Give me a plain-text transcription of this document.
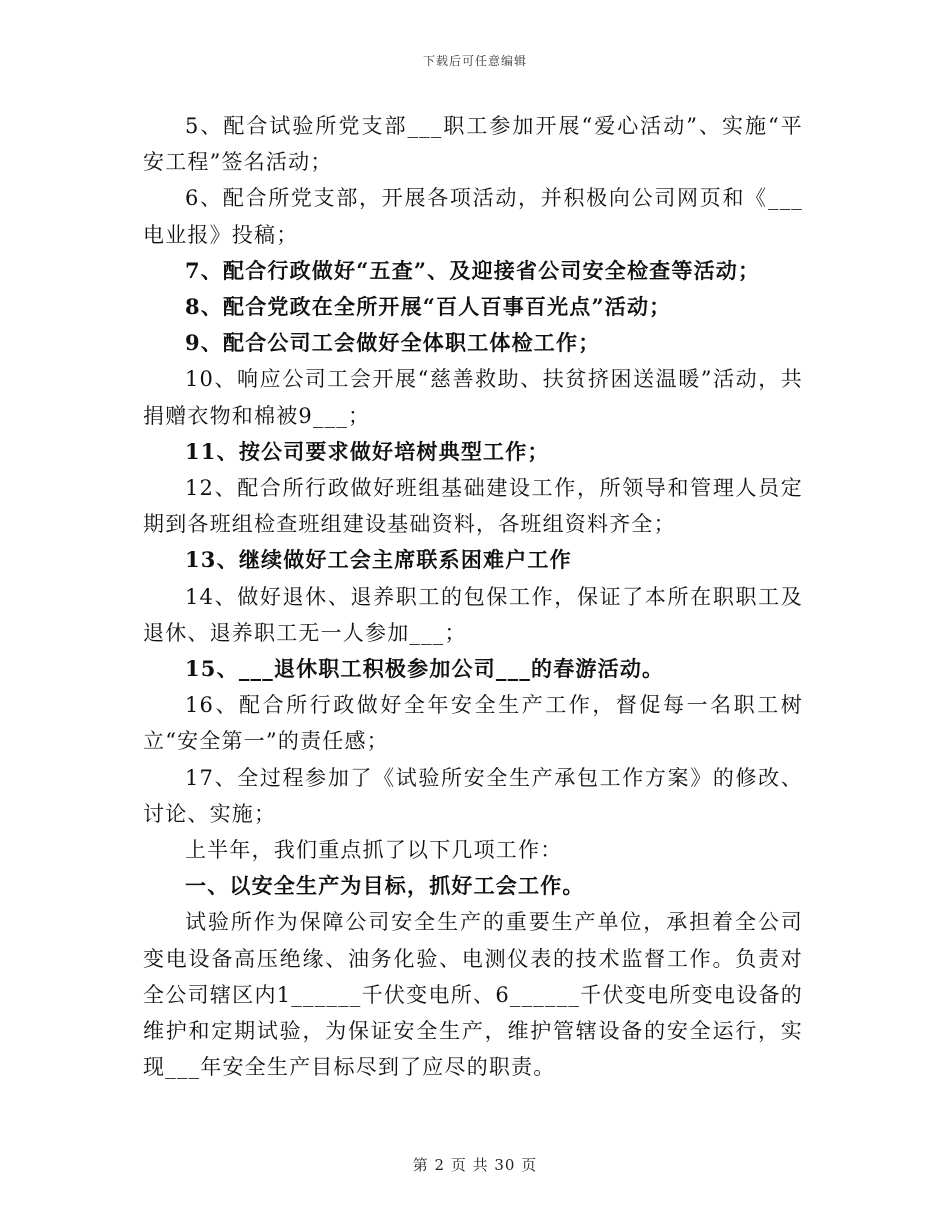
下载后可任意编辑

5、配合试验所党支部___职工参加开展“爱心活动”、实施“平安工程”签名活动；

6、配合所党支部，开展各项活动，并积极向公司网页和《___电业报》投稿；

7、配合行政做好“五查”、及迎接省公司安全检查等活动；

8、配合党政在全所开展“百人百事百光点”活动；

9、配合公司工会做好全体职工体检工作；

10、响应公司工会开展“慈善救助、扶贫挤困送温暖”活动，共捐赠衣物和棉被9___；

11、按公司要求做好培树典型工作；

12、配合所行政做好班组基础建设工作，所领导和管理人员定期到各班组检查班组建设基础资料，各班组资料齐全；

13、继续做好工会主席联系困难户工作

14、做好退休、退养职工的包保工作，保证了本所在职职工及退休、退养职工无一人参加___；

15、___退休职工积极参加公司___的春游活动。

16、配合所行政做好全年安全生产工作，督促每一名职工树立“安全第一”的责任感；

17、全过程参加了《试验所安全生产承包工作方案》的修改、讨论、实施；

上半年，我们重点抓了以下几项工作：

一、以安全生产为目标，抓好工会工作。

试验所作为保障公司安全生产的重要生产单位，承担着全公司变电设备高压绝缘、油务化验、电测仪表的技术监督工作。负责对全公司辖区内1______千伏变电所、6______千伏变电所变电设备的维护和定期试验，为保证安全生产，维护管辖设备的安全运行，实现___年安全生产目标尽到了应尽的职责。

第 2 页 共 30 页
